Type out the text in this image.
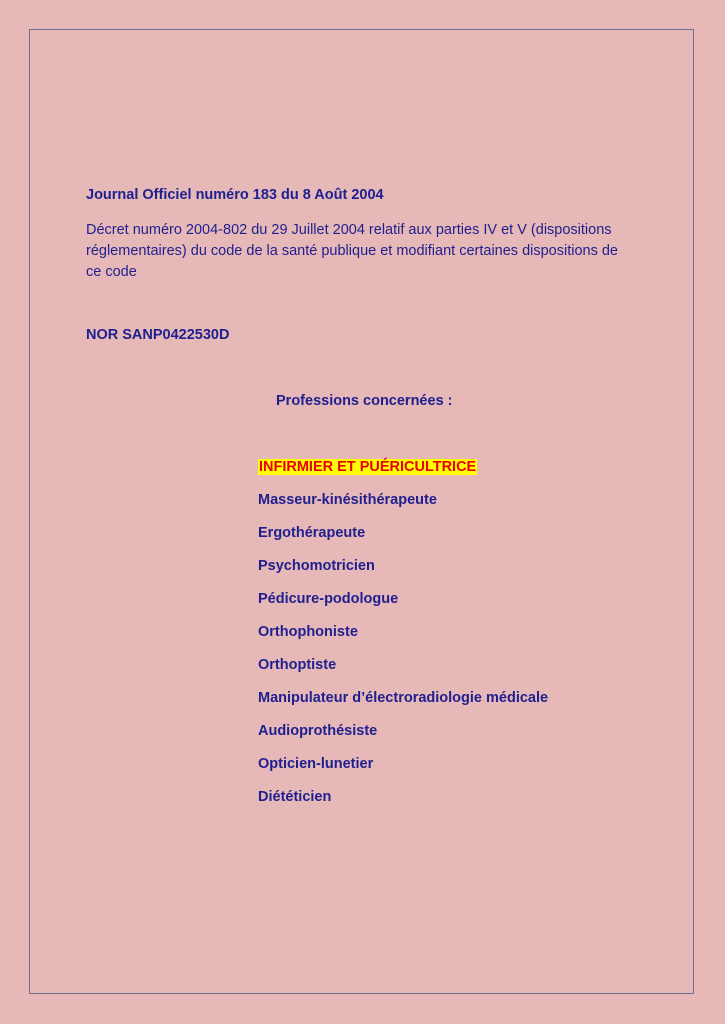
Journal Officiel numéro 183 du 8 Août 2004
Décret numéro 2004-802 du 29 Juillet 2004 relatif aux parties IV et V (dispositions réglementaires) du code de la santé publique et modifiant certaines dispositions de ce code
NOR SANP0422530D
Professions concernées :
INFIRMIER ET PUÉRICULTRICE
Masseur-kinésithérapeute
Ergothérapeute
Psychomotricien
Pédicure-podologue
Orthophoniste
Orthoptiste
Manipulateur d’électroradiologie médicale
Audioprothésiste
Opticien-lunetier
Diététicien
